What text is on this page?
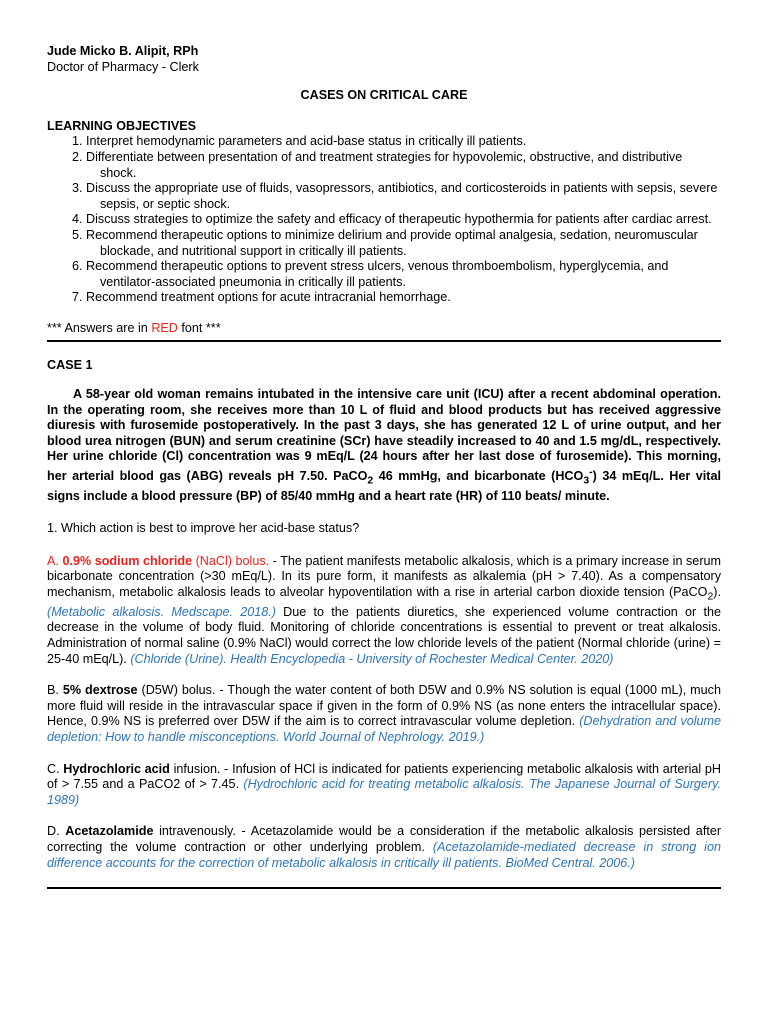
Jude Micko B. Alipit, RPh

Doctor of Pharmacy - Clerk

CASES ON CRITICAL CARE

LEARNING OBJECTIVES

1. Interpret hemodynamic parameters and acid-base status in critically ill patients.
2. Differentiate between presentation of and treatment strategies for hypovolemic, obstructive, and distributive shock.
3. Discuss the appropriate use of fluids, vasopressors, antibiotics, and corticosteroids in patients with sepsis, severe sepsis, or septic shock.
4. Discuss strategies to optimize the safety and efficacy of therapeutic hypothermia for patients after cardiac arrest.
5. Recommend therapeutic options to minimize delirium and provide optimal analgesia, sedation, neuromuscular blockade, and nutritional support in critically ill patients.
6. Recommend therapeutic options to prevent stress ulcers, venous thromboembolism, hyperglycemia, and ventilator-associated pneumonia in critically ill patients.
7. Recommend treatment options for acute intracranial hemorrhage.

*** Answers are in RED font ***

CASE 1

A 58-year old woman remains intubated in the intensive care unit (ICU) after a recent abdominal operation. In the operating room, she receives more than 10 L of fluid and blood products but has received aggressive diuresis with furosemide postoperatively. In the past 3 days, she has generated 12 L of urine output, and her blood urea nitrogen (BUN) and serum creatinine (SCr) have steadily increased to 40 and 1.5 mg/dL, respectively. Her urine chloride (Cl) concentration was 9 mEq/L (24 hours after her last dose of furosemide). This morning, her arterial blood gas (ABG) reveals pH 7.50. PaCO$_2$ 46 mmHg, and bicarbonate $(HCO_3^-)$ 34 mEq/L. Her vital signs include a blood pressure (BP) of 85/40 mmHg and a heart rate (HR) of 110 beats/ minute.

1. Which action is best to improve her acid-base status?

A. 0.9% sodium chloride (NaCl) bolus. - The patient manifests metabolic alkalosis, which is a primary increase in serum bicarbonate concentration (>30 mEq/L). In its pure form, it manifests as alkalemia (pH > 7.40). As a compensatory mechanism, metabolic alkalosis leads to alveolar hypoventilation with a rise in arterial carbon dioxide tension (PaCO$_2$). (Metabolic alkalosis. Medscape. 2018.) Due to the patients diuretics, she experienced volume contraction or the decrease in the volume of body fluid. Monitoring of chloride concentrations is essential to prevent or treat alkalosis. Administration of normal saline (0.9% NaCl) would correct the low chloride levels of the patient (Normal chloride (urine) = 25-40 mEq/L). (Chloride (Urine). Health Encyclopedia - University of Rochester Medical Center. 2020)

B. 5% dextrose (D5W) bolus. - Though the water content of both D5W and 0.9% NS solution is equal (1000 mL), much more fluid will reside in the intravascular space if given in the form of 0.9% NS (as none enters the intracellular space). Hence, 0.9% NS is preferred over D5W if the aim is to correct intravascular volume depletion. (Dehydration and volume depletion: How to handle misconceptions. World Journal of Nephrology. 2019.)

C. Hydrochloric acid infusion. - Infusion of HCl is indicated for patients experiencing metabolic alkalosis with arterial pH of > 7.55 and a PaCO2 of > 7.45. (Hydrochloric acid for treating metabolic alkalosis. The Japanese Journal of Surgery. 1989)

D. Acetazolamide intravenously. - Acetazolamide would be a consideration if the metabolic alkalosis persisted after correcting the volume contraction or other underlying problem. (Acetazolamide-mediated decrease in strong ion difference accounts for the correction of metabolic alkalosis in critically ill patients. BioMed Central. 2006.)
